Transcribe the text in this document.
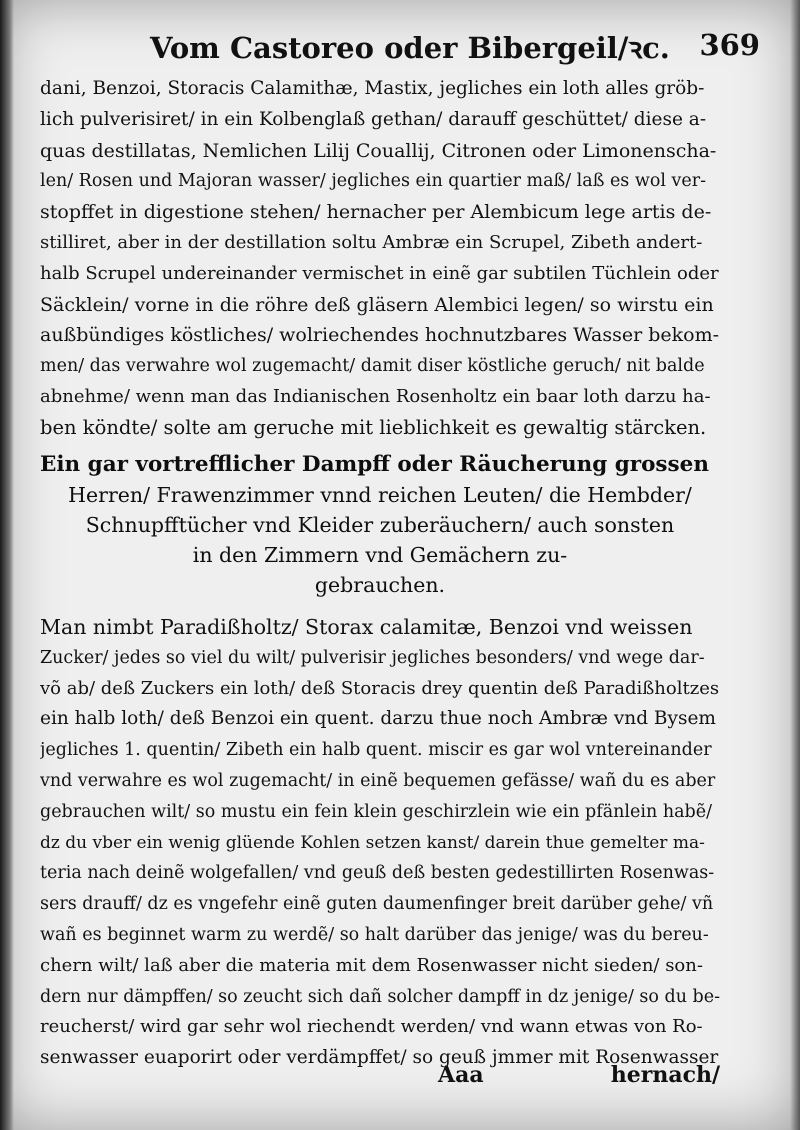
Vom Castoreo oder Bibergeil/ꝛc. 369
dani, Benzoi, Storacis Calamithæ, Mastix, jegliches ein loth alles gröb-
lich pulverisiret/ in ein Kolbenglaß gethan/ darauff geschüttet/ diese a-
quas destillatas, Nemlichen Lilij Couallij, Citronen oder Limonenscha-
len/ Rosen und Majoran wasser/ jegliches ein quartier maß/ laß es wol ver-
stopffet in digestione stehen/ hernacher per Alembicum lege artis de-
stilliret, aber in der destillation soltu Ambræ ein Scrupel, Zibeth andert-
halb Scrupel undereinander vermischet in einẽ gar subtilen Tüchlein oder
Säcklein/ vorne in die röhre deß gläsern Alembici legen/ so wirstu ein
außbündiges köstliches/ wolriechendes hochnutzbares Wasser bekom-
men/ das verwahre wol zugemacht/ damit diser köstliche geruch/ nit balde
abnehme/ wenn man das Indianischen Rosenholtz ein baar loth darzu ha-
ben köndte/ solte am geruche mit lieblichkeit es gewaltig stärcken.
Ein gar vortrefflicher Dampff oder Räucherung grossen
Herren/ Frawenzimmer vnnd reichen Leuten/ die Hembder/
Schnupfftücher vnd Kleider zuberäuchern/ auch sonsten
in den Zimmern vnd Gemächern zu-
gebrauchen.
Man nimbt Paradißholtz/ Storax calamitæ, Benzoi vnd weissen
Zucker/ jedes so viel du wilt/ pulverisir jegliches besonders/ vnd wege dar-
võ ab/ deß Zuckers ein loth/ deß Storacis drey quentin deß Paradißholtzes
ein halb loth/ deß Benzoi ein quent. darzu thue noch Ambræ vnd Bysem
jegliches 1. quentin/ Zibeth ein halb quent. miscir es gar wol vntereinander
vnd verwahre es wol zugemacht/ in einẽ bequemen gefässe/ wañ du es aber
gebrauchen wilt/ so mustu ein fein klein geschirzlein wie ein pfänlein habẽ/
dz du vber ein wenig glüende Kohlen setzen kanst/ darein thue gemelter ma-
teria nach deinẽ wolgefallen/ vnd geuß deß besten gedestillirten Rosenwas-
sers drauff/ dz es vngefehr einẽ guten daumenfinger breit darüber gehe/ vñ
wañ es beginnet warm zu werdẽ/ so halt darüber das jenige/ was du bereu-
chern wilt/ laß aber die materia mit dem Rosenwasser nicht sieden/ son-
dern nur dämpffen/ so zeucht sich dañ solcher dampff in dz jenige/ so du be-
reucherst/ wird gar sehr wol riechendt werden/ vnd wann etwas von Ro-
senwasser euaporirt oder verdämpffet/ so geuß jmmer mit Rosenwasser
Aaa	hernach/
